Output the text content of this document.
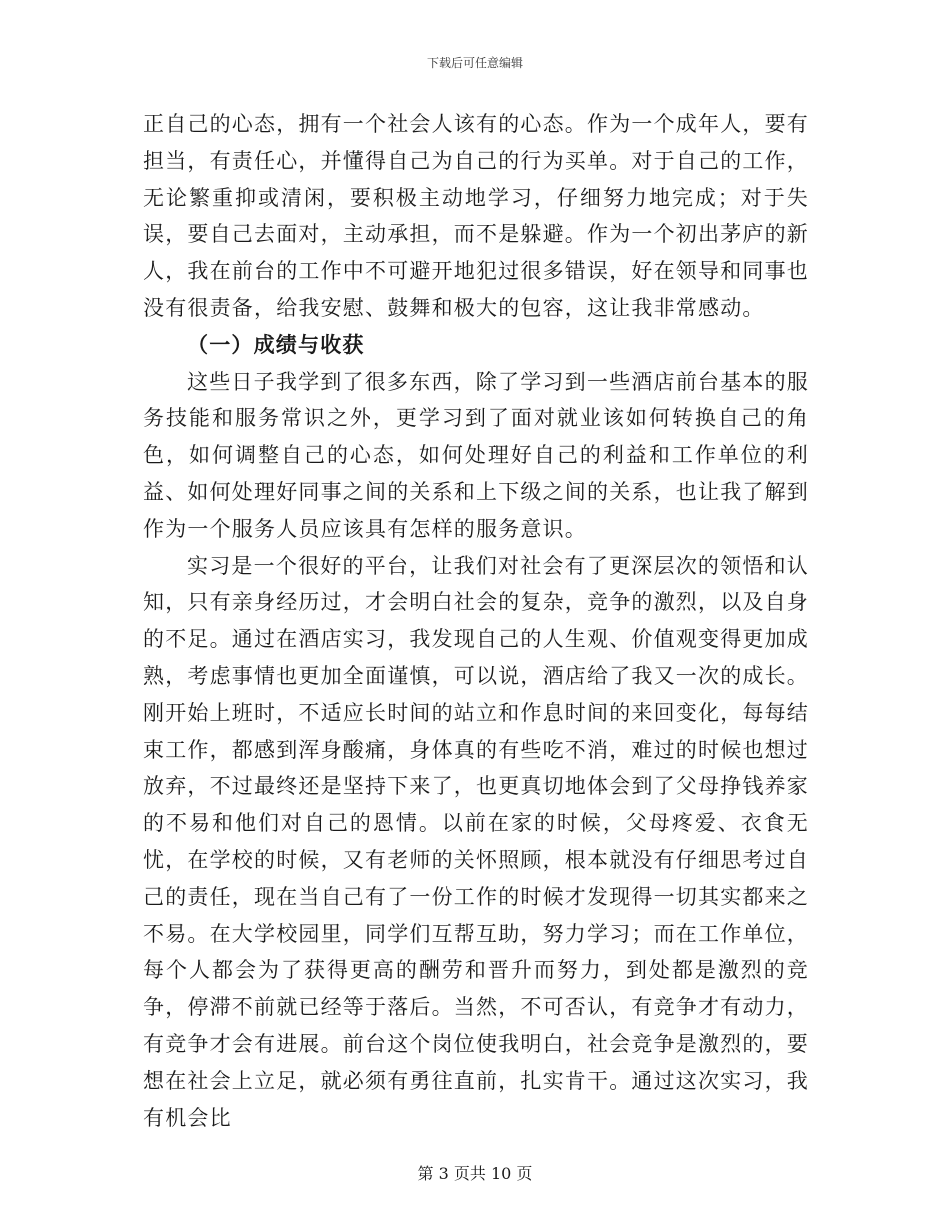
下载后可任意编辑

正自己的心态，拥有一个社会人该有的心态。作为一个成年人，要有担当，有责任心，并懂得自己为自己的行为买单。对于自己的工作，无论繁重抑或清闲，要积极主动地学习，仔细努力地完成；对于失误，要自己去面对，主动承担，而不是躲避。作为一个初出茅庐的新人，我在前台的工作中不可避开地犯过很多错误，好在领导和同事也没有很责备，给我安慰、鼓舞和极大的包容，这让我非常感动。

（一）成绩与收获

这些日子我学到了很多东西，除了学习到一些酒店前台基本的服务技能和服务常识之外，更学习到了面对就业该如何转换自己的角色，如何调整自己的心态，如何处理好自己的利益和工作单位的利益、如何处理好同事之间的关系和上下级之间的关系，也让我了解到作为一个服务人员应该具有怎样的服务意识。

实习是一个很好的平台，让我们对社会有了更深层次的领悟和认知，只有亲身经历过，才会明白社会的复杂，竞争的激烈，以及自身的不足。通过在酒店实习，我发现自己的人生观、价值观变得更加成熟，考虑事情也更加全面谨慎，可以说，酒店给了我又一次的成长。刚开始上班时，不适应长时间的站立和作息时间的来回变化，每每结束工作，都感到浑身酸痛，身体真的有些吃不消，难过的时候也想过放弃，不过最终还是坚持下来了，也更真切地体会到了父母挣钱养家的不易和他们对自己的恩情。以前在家的时候，父母疼爱、衣食无忧，在学校的时候，又有老师的关怀照顾，根本就没有仔细思考过自己的责任，现在当自己有了一份工作的时候才发现得一切其实都来之不易。在大学校园里，同学们互帮互助，努力学习；而在工作单位，每个人都会为了获得更高的酬劳和晋升而努力，到处都是激烈的竞争，停滞不前就已经等于落后。当然，不可否认，有竞争才有动力，有竞争才会有进展。前台这个岗位使我明白，社会竞争是激烈的，要想在社会上立足，就必须有勇往直前，扎实肯干。通过这次实习，我有机会比

第 3 页共 10 页
